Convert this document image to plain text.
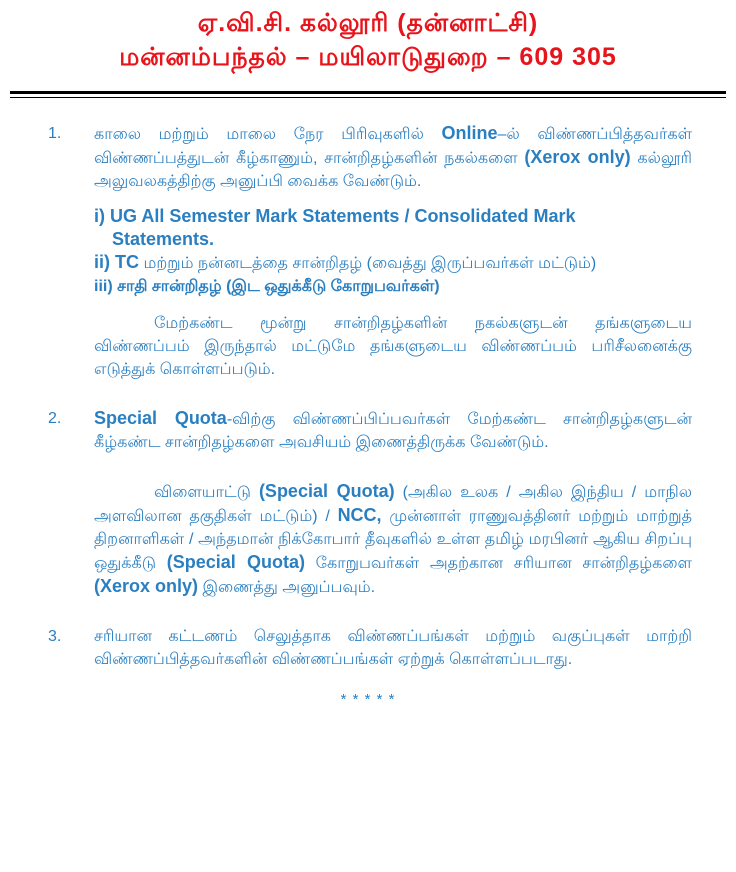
ஏ.வி.சி. கல்லூரி (தன்னாட்சி)
மன்னம்பந்தல் – மயிலாடுதுறை – 609 305
1. காலை மற்றும் மாலை நேர பிரிவுகளில் Online–ல் விண்ணப்பித்தவர்கள் விண்ணப்பத்துடன் கீழ்காணும், சான்றிதழ்களின் நகல்களை (Xerox only) கல்லூரி அலுவலகத்திற்கு அனுப்பி வைக்க வேண்டும்.

i) UG All Semester Mark Statements / Consolidated Mark
Statements.
ii) TC மற்றும் நன்னடத்தை சான்றிதழ் (வைத்து இருப்பவர்கள் மட்டும்)
iii) சாதி சான்றிதழ் (இட ஒதுக்கீடு கோறுபவர்கள்)

மேற்கண்ட மூன்று சான்றிதழ்களின் நகல்களுடன் தங்களுடைய விண்ணப்பம் இருந்தால் மட்டுமே தங்களுடைய விண்ணப்பம் பரிசீலனைக்கு எடுத்துக் கொள்ளப்படும்.

2. Special Quota-விற்கு விண்ணப்பிப்பவர்கள் மேற்கண்ட சான்றிதழ்களுடன் கீழ்கண்ட சான்றிதழ்களை அவசியம் இணைத்திருக்க வேண்டும்.

விளையாட்டு (Special Quota) (அகில உலக / அகில இந்திய / மாநில அளவிலான தகுதிகள் மட்டும்) / NCC, முன்னாள் ராணுவத்தினர் மற்றும் மாற்றுத் திறனாளிகள் / அந்தமான் நிக்கோபார் தீவுகளில் உள்ள தமிழ் மரபினர் ஆகிய சிறப்பு ஒதுக்கீடு (Special Quota) கோறுபவர்கள் அதற்கான சரியான சான்றிதழ்களை (Xerox only) இணைத்து அனுப்பவும்.

3. சரியான கட்டணம் செலுத்தாக விண்ணப்பங்கள் மற்றும் வகுப்புகள் மாற்றி விண்ணப்பித்தவர்களின் விண்ணப்பங்கள் ஏற்றுக் கொள்ளப்படாது.

* * * * *
